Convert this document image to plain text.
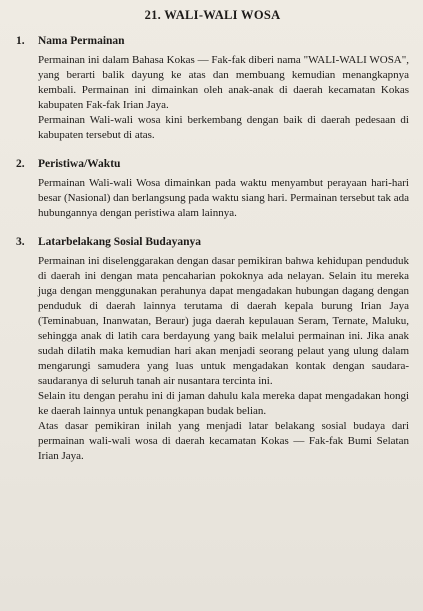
21. WALI-WALI WOSA
1.	Nama Permainan

Permainan ini dalam Bahasa Kokas — Fak-fak diberi nama "WALI-WALI WOSA", yang berarti balik dayung ke atas dan membuang kemudian menangkapnya kembali. Permainan ini dimainkan oleh anak-anak di daerah kecamatan Kokas kabupaten Fak-fak Irian Jaya.

Permainan Wali-wali wosa kini berkembang dengan baik di daerah pedesaan di kabupaten tersebut di atas.

2.	Peristiwa/Waktu

Permainan Wali-wali Wosa dimainkan pada waktu menyambut perayaan hari-hari besar (Nasional) dan berlangsung pada waktu siang hari. Permainan tersebut tak ada hubungannya dengan peristiwa alam lainnya.

3.	Latarbelakang Sosial Budayanya

Permainan ini diselenggarakan dengan dasar pemikiran bahwa kehidupan penduduk di daerah ini dengan mata pencaharian pokoknya ada nelayan. Selain itu mereka juga dengan menggunakan perahunya dapat mengadakan hubungan dagang dengan penduduk di daerah lainnya terutama di daerah kepala burung Irian Jaya (Teminabuan, Inanwatan, Beraur) juga daerah kepulauan Seram, Ternate, Maluku, sehingga anak di latih cara berdayung yang baik melalui permainan ini. Jika anak sudah dilatih maka kemudian hari akan menjadi seorang pelaut yang ulung dalam mengarungi samudera yang luas untuk mengadakan kontak dengan saudara-saudaranya di seluruh tanah air nusantara tercinta ini.

Selain itu dengan perahu ini di jaman dahulu kala mereka dapat mengadakan hongi ke daerah lainnya untuk penangkapan budak belian.

Atas dasar pemikiran inilah yang menjadi latar belakang sosial budaya dari permainan wali-wali wosa di daerah kecamatan Kokas — Fak-fak Bumi Selatan Irian Jaya.
